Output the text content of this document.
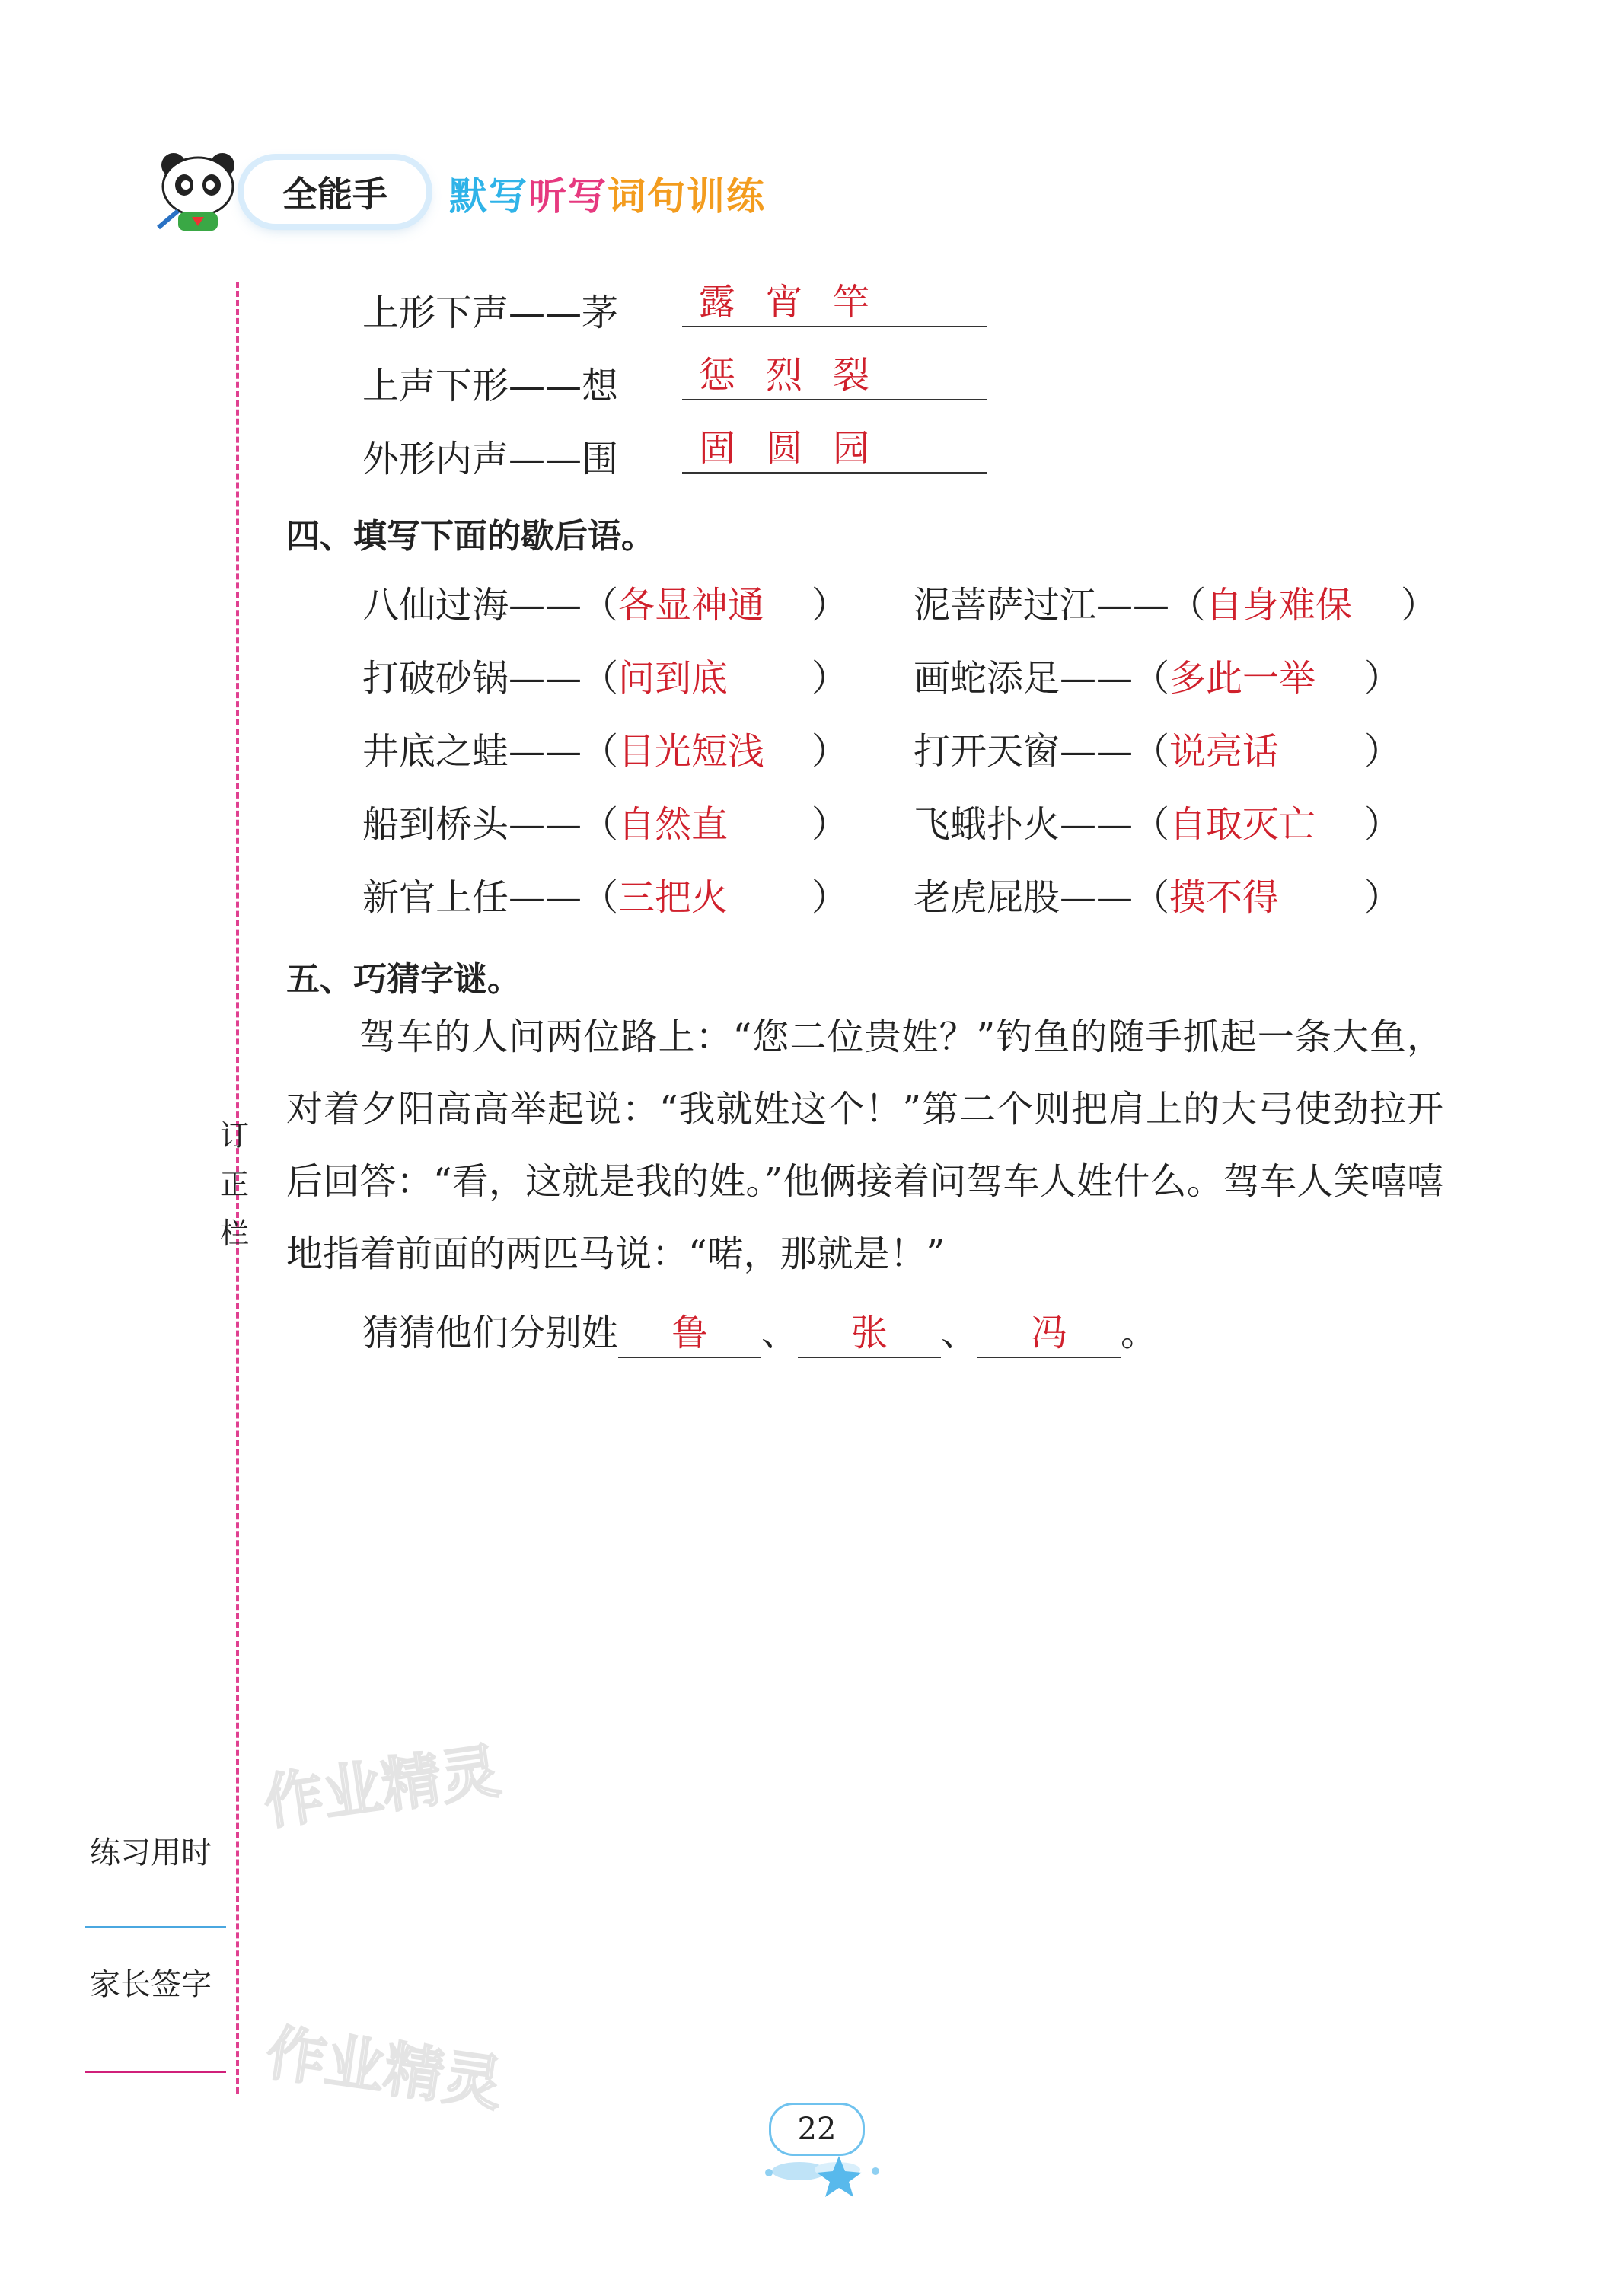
全能手	默写听写词句训练
订
正
栏
练习用时
家长签字
上形下声——茅 露 宵 竿
上声下形——想 惩 烈 裂
外形内声——围 固 圆 园
四、填写下面的歇后语。
八仙过海——（各显神通 ）
打破砂锅——（问到底 ）
井底之蛙——（目光短浅 ）
船到桥头——（自然直 ）
新官上任——（三把火 ）
泥菩萨过江——（自身难保 ）
画蛇添足——（多此一举 ）
打开天窗——（说亮话 ）
飞蛾扑火——（自取灭亡 ）
老虎屁股——（摸不得 ）
五、巧猜字谜。
驾车的人问两位路上：“您二位贵姓？”钓鱼的随手抓起一条大鱼，对着夕阳高高举起说：“我就姓这个！”第二个则把肩上的大弓使劲拉开后回答：“看，这就是我的姓。”他俩接着问驾车人姓什么。驾车人笑嘻嘻地指着前面的两匹马说：“喏，那就是！”
猜猜他们分别姓 鲁 、 张 、 冯 。
作业精灵
作业精灵
22
